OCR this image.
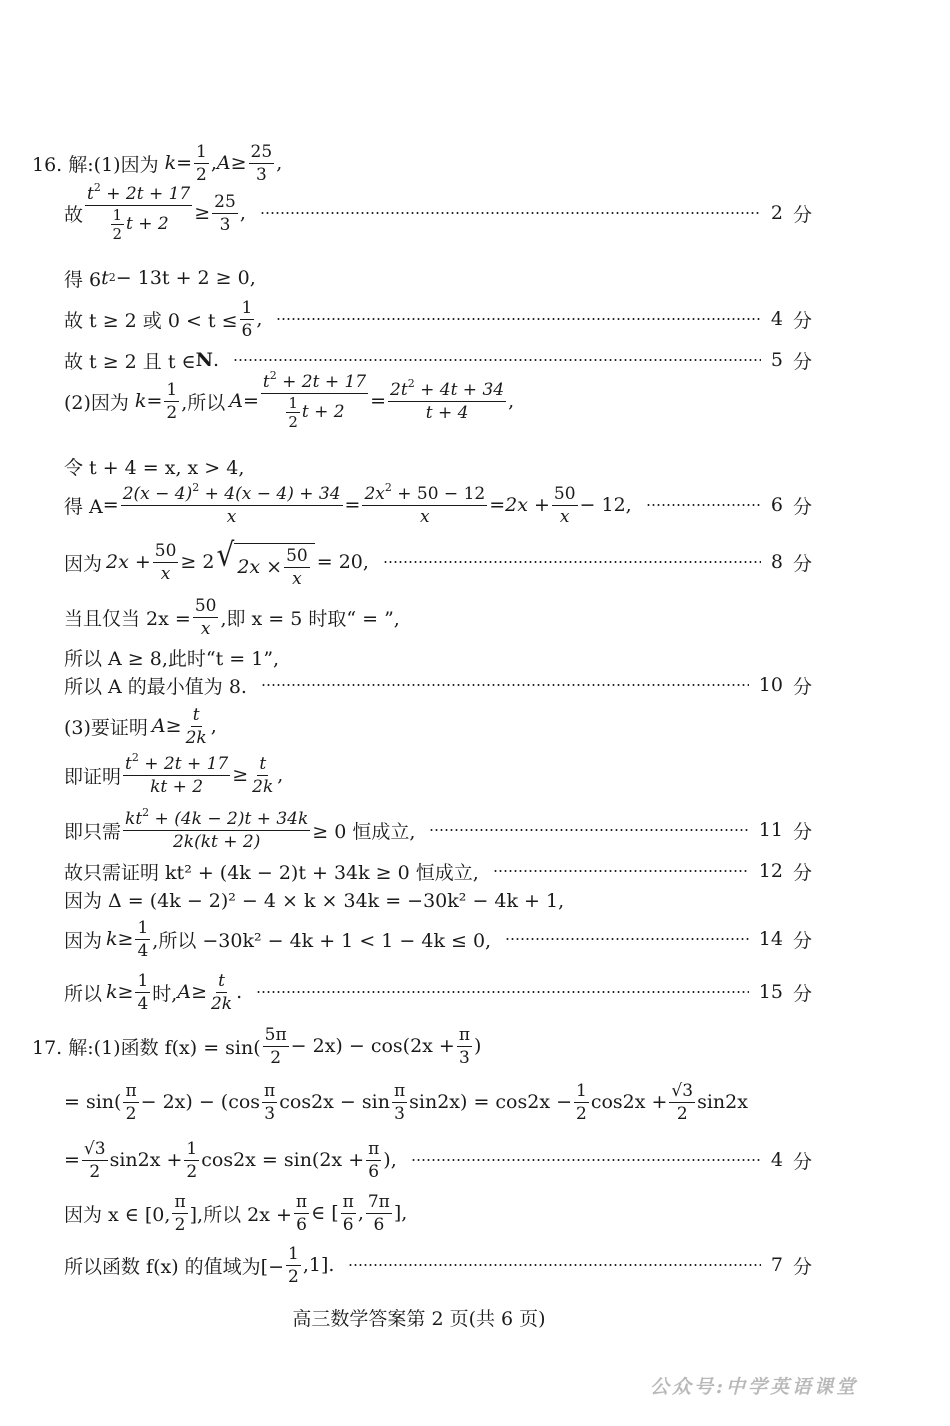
16. 解:(1)因为 $k = \frac{1}{2}$ , $A \ge \frac{25}{3}$ ,
故 $\frac{t^2 + 2t + 17}{\frac{1}{2} t + 2} \ge \frac{25}{3}$ ,	2 分
得 6 t 2 − 13t + 2 ≥ 0,
故 t ≥ 2 或 $0 < t \le \frac{1}{6}$ ,	4 分
故 t ≥ 2 且 t ∈ N .	5 分
(2)因为 $k = \frac{1}{2}$ ,所以 $A = \frac{t^2 + 2t + 17}{\frac{1}{2} t + 2} = \frac{2t^2 + 4t + 34}{t + 4}$ ,
令 t + 4 = x, x > 4,
得 $A = \frac{2(x - 4)^2 + 4(x - 4) + 34}{x} = \frac{2x^2 + 50 - 12}{x} = 2x + \frac{50}{x} - 12$,	6 分
因为 $2x + \frac{50}{x} \ge 2$ √ $2x \times \frac{50}{x} = 20$,	8 分
当且仅当 $2x = \frac{50}{x}$ ,即 x = 5 时取“ = ”,
所以 A ≥ 8,此时“t = 1”,
所以 A 的最小值为 8.	10 分
(3)要证明 $A \ge \frac{t}{2k}$ ,
即证明 $\frac{t^2 + 2t + 17}{kt + 2} \ge \frac{t}{2k}$ ,
即只需 $\frac{kt^2 + (4k - 2)t + 34k}{2k(kt + 2)} \ge 0$ 恒成立,	11 分
故只需证明 kt² + (4k − 2)t + 34k ≥ 0 恒成立,	12 分
因为 Δ = (4k − 2)² − 4 × k × 34k = −30k² − 4k + 1,
因为 $k \ge \frac{1}{4}$ ,所以 −30k² − 4k + 1 < 1 − 4k ≤ 0,	14 分
所以 $k \ge \frac{1}{4}$ 时, $A \ge \frac{t}{2k}$ .	15 分
17. 解:(1)函数 $f(x) = \sin( \frac{5\pi}{2} - 2x) - \cos(2x + \frac{\pi}{3}$ )
= $\sin( \frac{\pi}{2} - 2x) - (\cos \frac{\pi}{3} \cos 2x - \sin \frac{\pi}{3} \sin 2x) = \cos 2x - \frac{1}{2} \cos 2x + \frac{√3}{2} \sin 2x$
= $\frac{√3}{2} \sin 2x + \frac{1}{2} \cos 2x = \sin(2x + \frac{\pi}{6}$ ),	4 分
因为 x ∈ [0, $\frac{\pi}{2}$ ],所以 $2x + \frac{\pi}{6}$ ∈ [ $\frac{\pi}{6}$ , $\frac{7\pi}{6}$ ],
所以函数 f(x) 的值域为[− $\frac{1}{2} ,1$].	7 分
高三数学答案第 2 页(共 6 页)
公众号:中学英语课堂
